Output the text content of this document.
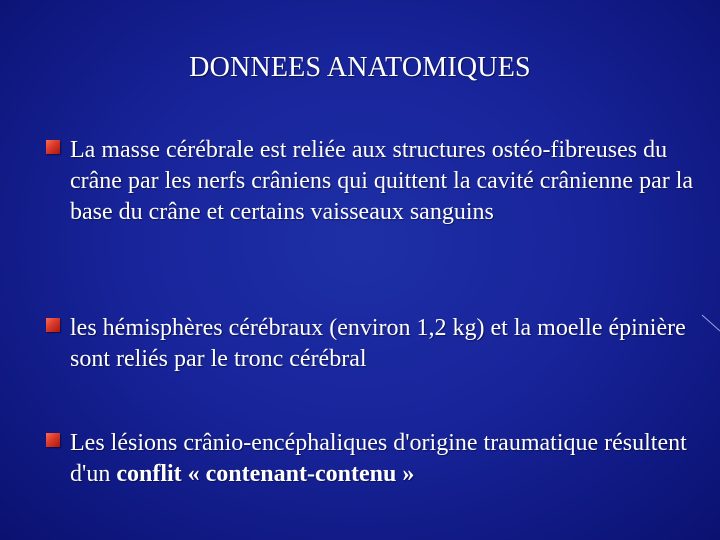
DONNEES ANATOMIQUES
La masse cérébrale est reliée aux structures ostéo-fibreuses du crâne par les nerfs crâniens qui quittent la cavité crânienne par la base du crâne et certains vaisseaux sanguins
les hémisphères cérébraux (environ 1,2 kg) et la moelle épinière sont reliés par le tronc cérébral
Les lésions crânio-encéphaliques d'origine traumatique résultent d'un conflit « contenant-contenu »
